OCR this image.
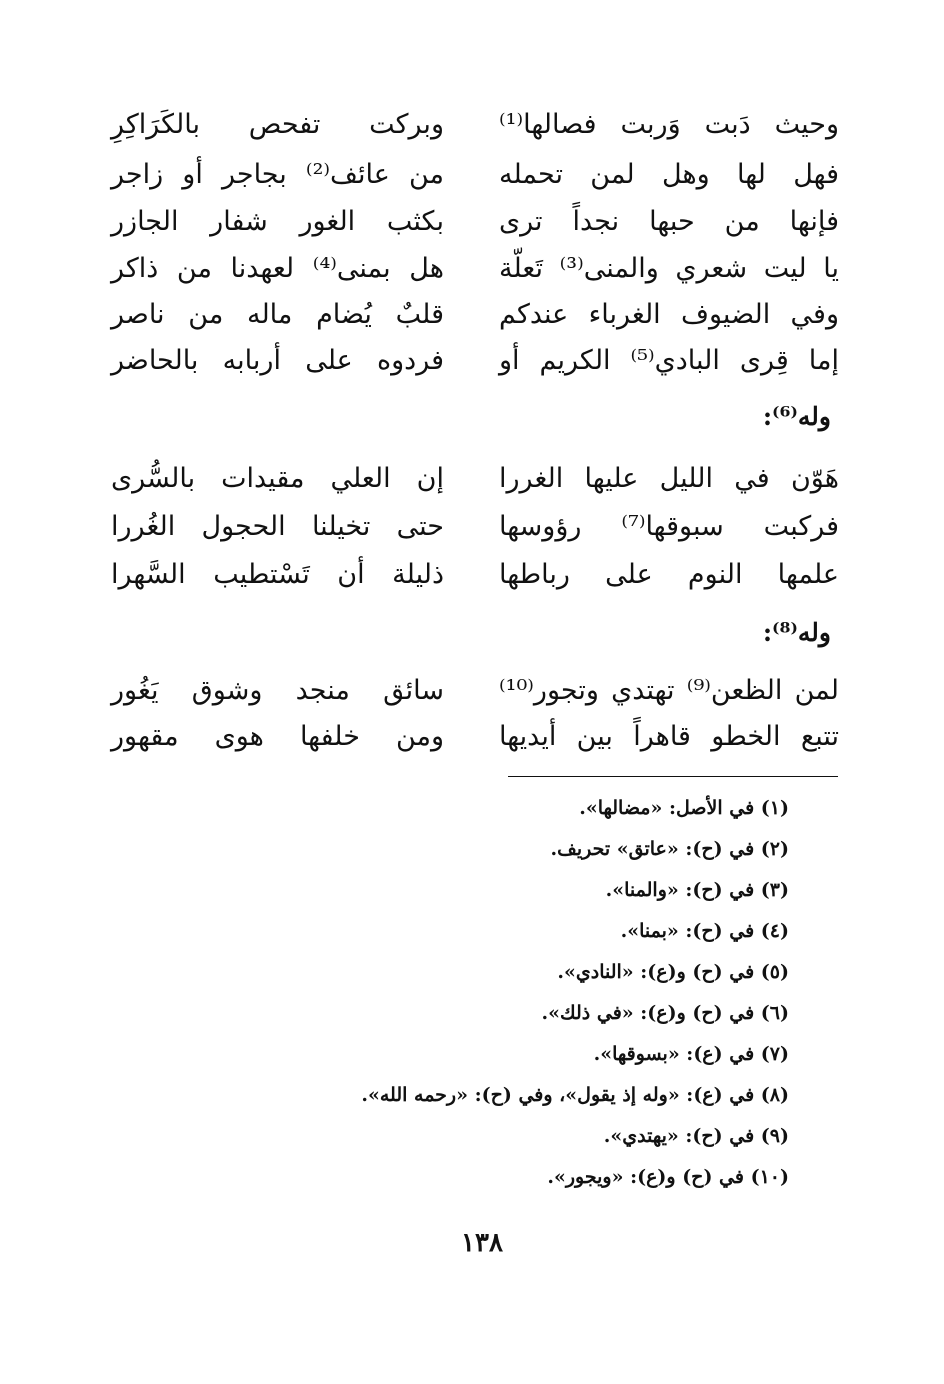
وحيث دَبت وَربت فصالها⁽¹⁾
وبركت تفحص بالكَرَاكِرِ
فهل لها وهل لمن تحمله
من عائف⁽²⁾ بجاجر أو زاجر
فإنها من حبها نجداً ترى
بكثب الغور شفار الجازر
يا ليت شعري والمنى⁽³⁾ تَعلّة
هل بمنى⁽⁴⁾ لعهدنا من ذاكر
وفي الضيوف الغرباء عندكم
قلبٌ يُضام ماله من ناصر
إما قِرى البادي⁽⁵⁾ الكريم أو
فردوه على أربابه بالحاضر
وله⁽⁶⁾:
هَوّن في الليل عليها الغررا
إن العلي مقيدات بالسُّرى
فركبت سبوقها⁽⁷⁾ رؤوسها
حتى تخيلنا الحجول الغُررا
علمها النوم على رباطها
ذليلة أن تَسْتطيب السَّهرا
وله⁽⁸⁾:
لمن الظعن⁽⁹⁾ تهتدي وتجور⁽¹⁰⁾
سائق منجد وشوق يَغُور
تتبع الخطو قاهراً بين أيديها
ومن خلفها هوى مقهور
(١) في الأصل: «مضالها».
(٢) في (ح): «عاتق» تحريف.
(٣) في (ح): «والمنا».
(٤) في (ح): «بمنا».
(٥) في (ح) و(ع): «النادي».
(٦) في (ح) و(ع): «في ذلك».
(٧) في (ع): «بسوقها».
(٨) في (ع): «وله إذ يقول»، وفي (ح): «رحمه الله».
(٩) في (ح): «يهتدي».
(١٠) في (ح) و(ع): «ويجور».
١٣٨
